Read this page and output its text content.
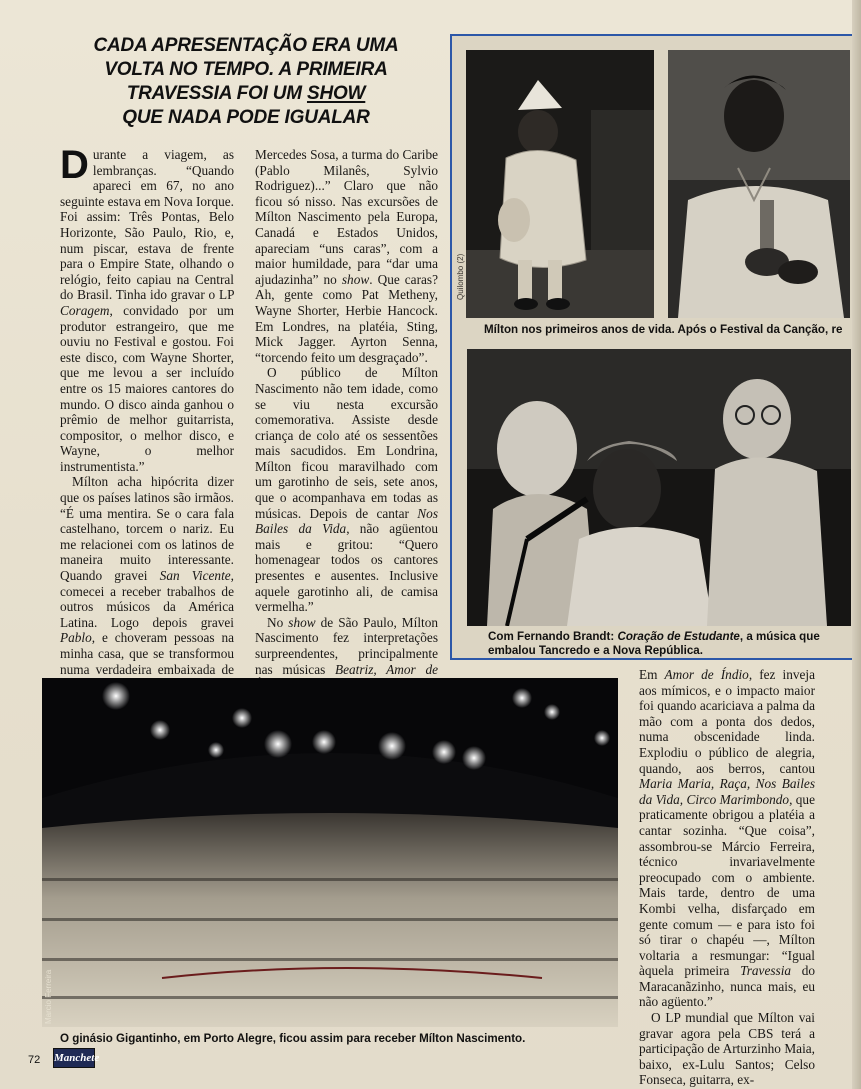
CADA APRESENTAÇÃO ERA UMA
VOLTA NO TEMPO. A PRIMEIRA
TRAVESSIA FOI UM SHOW
QUE NADA PODE IGUALAR

Durante a viagem, as lembranças. “Quando apareci em 67, no ano seguinte estava em Nova Iorque. Foi assim: Três Pontas, Belo Horizonte, São Paulo, Rio, e, num piscar, estava de frente para o Empire State, olhando o relógio, feito capiau na Central do Brasil. Tinha ido gravar o LP Coragem, convidado por um produtor estrangeiro, que me ouviu no Festival e gostou. Foi este disco, com Wayne Shorter, que me levou a ser incluído entre os 15 maiores cantores do mundo. O disco ainda ganhou o prêmio de melhor guitarrista, compositor, o melhor disco, e Wayne, o melhor instrumentista.”

Mílton acha hipócrita dizer que os países latinos são irmãos. “É uma mentira. Se o cara fala castelhano, torcem o nariz. Eu me relacionei com os latinos de maneira muito interessante. Quando gravei San Vicente, comecei a receber trabalhos de outros músicos da América Latina. Logo depois gravei Pablo, e choveram pessoas na minha casa, que se transformou numa verdadeira embaixada de

Mercedes Sosa, a turma do Caribe (Pablo Milanês, Sylvio Rodriguez)...” Claro que não ficou só nisso. Nas excursões de Mílton Nascimento pela Europa, Canadá e Estados Unidos, apareciam “uns caras”, com a maior humildade, para “dar uma ajudazinha” no show. Que caras? Ah, gente como Pat Metheny, Wayne Shorter, Herbie Hancock. Em Londres, na platéia, Sting, Mick Jagger. Ayrton Senna, “torcendo feito um desgraçado”.

O público de Mílton Nascimento não tem idade, como se viu nesta excursão comemorativa. Assiste desde criança de colo até os sessentões mais sacudidos. Em Londrina, Mílton ficou maravilhado com um garotinho de seis, sete anos, que o acompanhava em todas as músicas. Depois de cantar Nos Bailes da Vida, não agüentou mais e gritou: “Quero homenagear todos os cantores presentes e ausentes. Inclusive aquele garotinho ali, de camisa vermelha.”

No show de São Paulo, Mílton Nascimento fez interpretações surpreendentes, principalmente nas músicas Beatriz, Amor de

Quilombo (2)
Marcio Ferreira
Mílton nos primeiros anos de vida. Após o Festival da Canção, re
Com Fernando Brandt: Coração de Estudante, a música que embalou Tancredo e a Nova República.
O ginásio Gigantinho, em Porto Alegre, ficou assim para receber Mílton Nascimento.

Em Amor de Índio, fez inveja aos mímicos, e o impacto maior foi quando acariciava a palma da mão com a ponta dos dedos, numa obscenidade linda. Explodiu o público de alegria, quando, aos berros, cantou Maria Maria, Raça, Nos Bailes da Vida, Circo Marimbondo, que praticamente obrigou a platéia a cantar sozinha. “Que coisa”, assombrou-se Márcio Ferreira, técnico invariavelmente preocupado com o ambiente. Mais tarde, dentro de uma Kombi velha, disfarçado em gente comum — e para isto foi só tirar o chapéu —, Mílton voltaria a resmungar: “Igual àquela primeira Travessia do Maracanãzinho, nunca mais, eu não agüento.”

O LP mundial que Mílton vai gravar agora pela CBS terá a participação de Arturzinho Maia, baixo, ex-Lulu Santos; Celso Fonseca, guitarra, ex-

72 Manchete
